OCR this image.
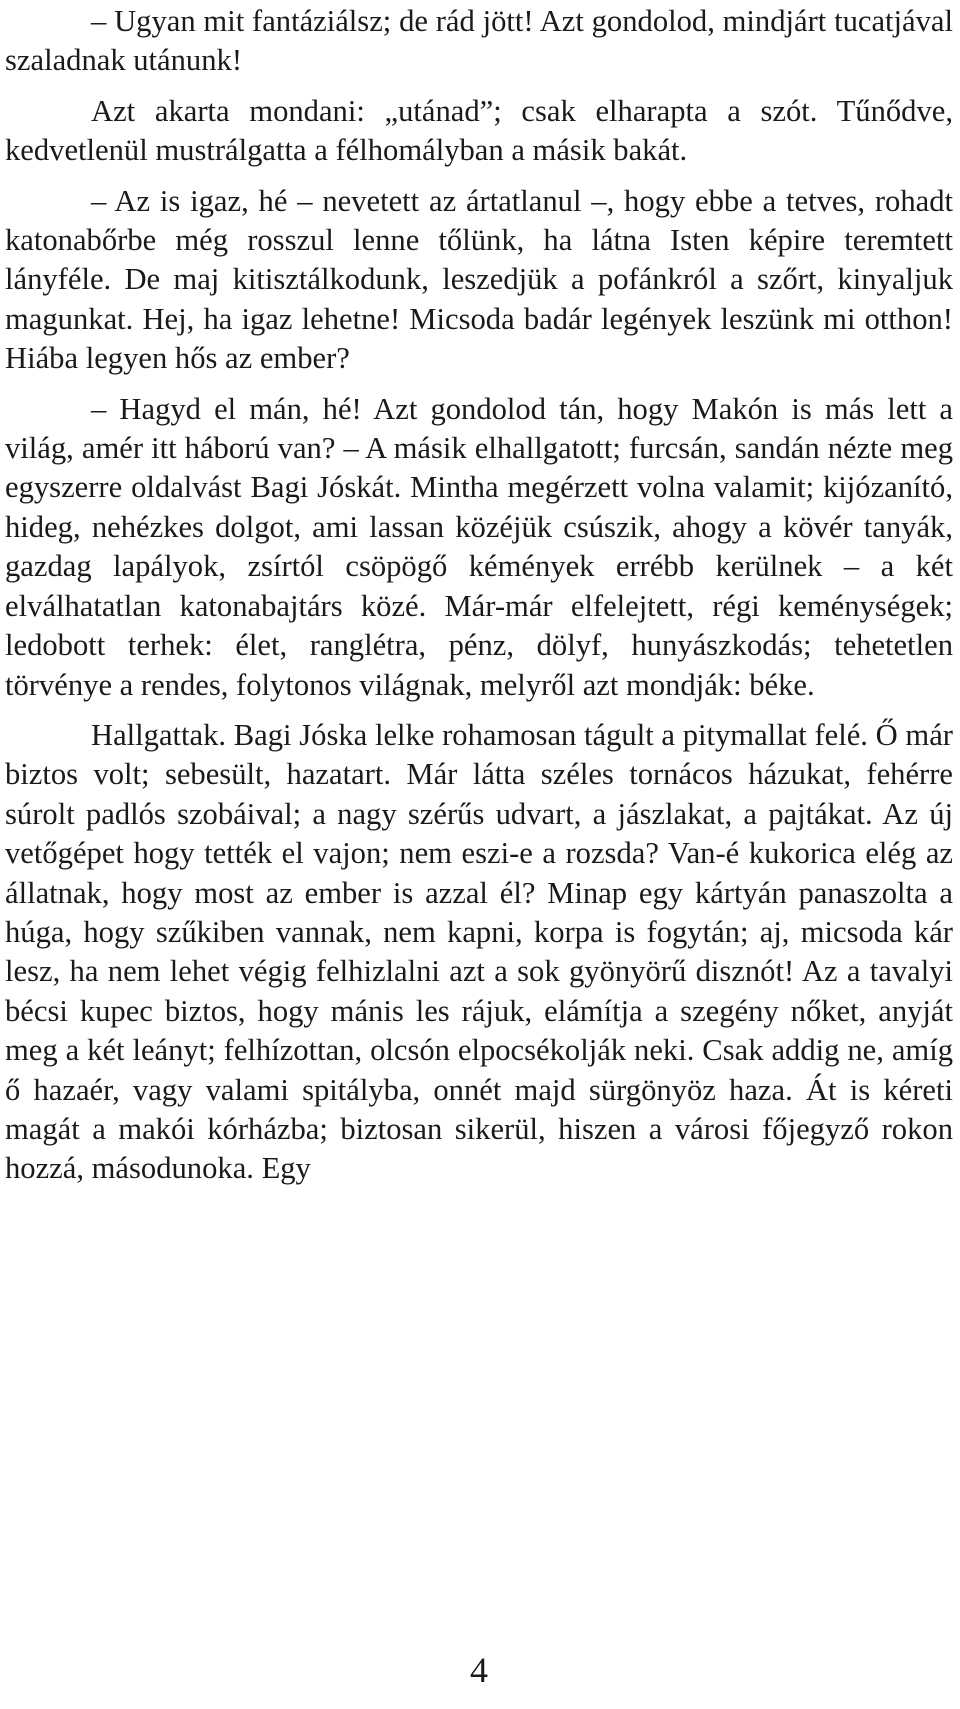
– Ugyan mit fantáziálsz; de rád jött! Azt gondolod, mindjárt tucatjával szaladnak utánunk!

Azt akarta mondani: „utánad”; csak elharapta a szót. Tűnődve, kedvetlenül mustrálgatta a félhomályban a másik bakát.

– Az is igaz, hé – nevetett az ártatlanul –, hogy ebbe a tetves, rohadt katonabőrbe még rosszul lenne tőlünk, ha látna Isten képire teremtett lányféle. De maj kitisztálkodunk, leszedjük a pofánkról a szőrt, kinyaljuk magunkat. Hej, ha igaz lehetne! Micsoda badár legények leszünk mi otthon! Hiába legyen hős az ember?

– Hagyd el mán, hé! Azt gondolod tán, hogy Makón is más lett a világ, amér itt háború van? – A másik elhallgatott; furcsán, sandán nézte meg egyszerre oldalvást Bagi Jóskát. Mintha megérzett volna valamit; kijózanító, hideg, nehézkes dolgot, ami lassan közéjük csúszik, ahogy a kövér tanyák, gazdag lapályok, zsírtól csöpögő kémények errébb kerülnek – a két elválhatatlan katonabajtárs közé. Már-már elfelejtett, régi keménységek; ledobott terhek: élet, ranglétra, pénz, dölyf, hunyászkodás; tehetetlen törvénye a rendes, folytonos világnak, melyről azt mondják: béke.

Hallgattak. Bagi Jóska lelke rohamosan tágult a pitymallat felé. Ő már biztos volt; sebesült, hazatart. Már látta széles tornácos házukat, fehérre súrolt padlós szobáival; a nagy szérűs udvart, a jászlakat, a pajtákat. Az új vetőgépet hogy tették el vajon; nem eszi-e a rozsda? Van-é kukorica elég az állatnak, hogy most az ember is azzal él? Minap egy kártyán panaszolta a húga, hogy szűkiben vannak, nem kapni, korpa is fogytán; aj, micsoda kár lesz, ha nem lehet végig felhizlalni azt a sok gyönyörű disznót! Az a tavalyi bécsi kupec biztos, hogy mánis les rájuk, elámítja a szegény nőket, anyját meg a két leányt; felhízottan, olcsón elpocsékolják neki. Csak addig ne, amíg ő hazaér, vagy valami spitályba, onnét majd sürgönyöz haza. Át is kéreti magát a makói kórházba; biztosan sikerül, hiszen a városi főjegyző rokon hozzá, másodunoka. Egy

4
